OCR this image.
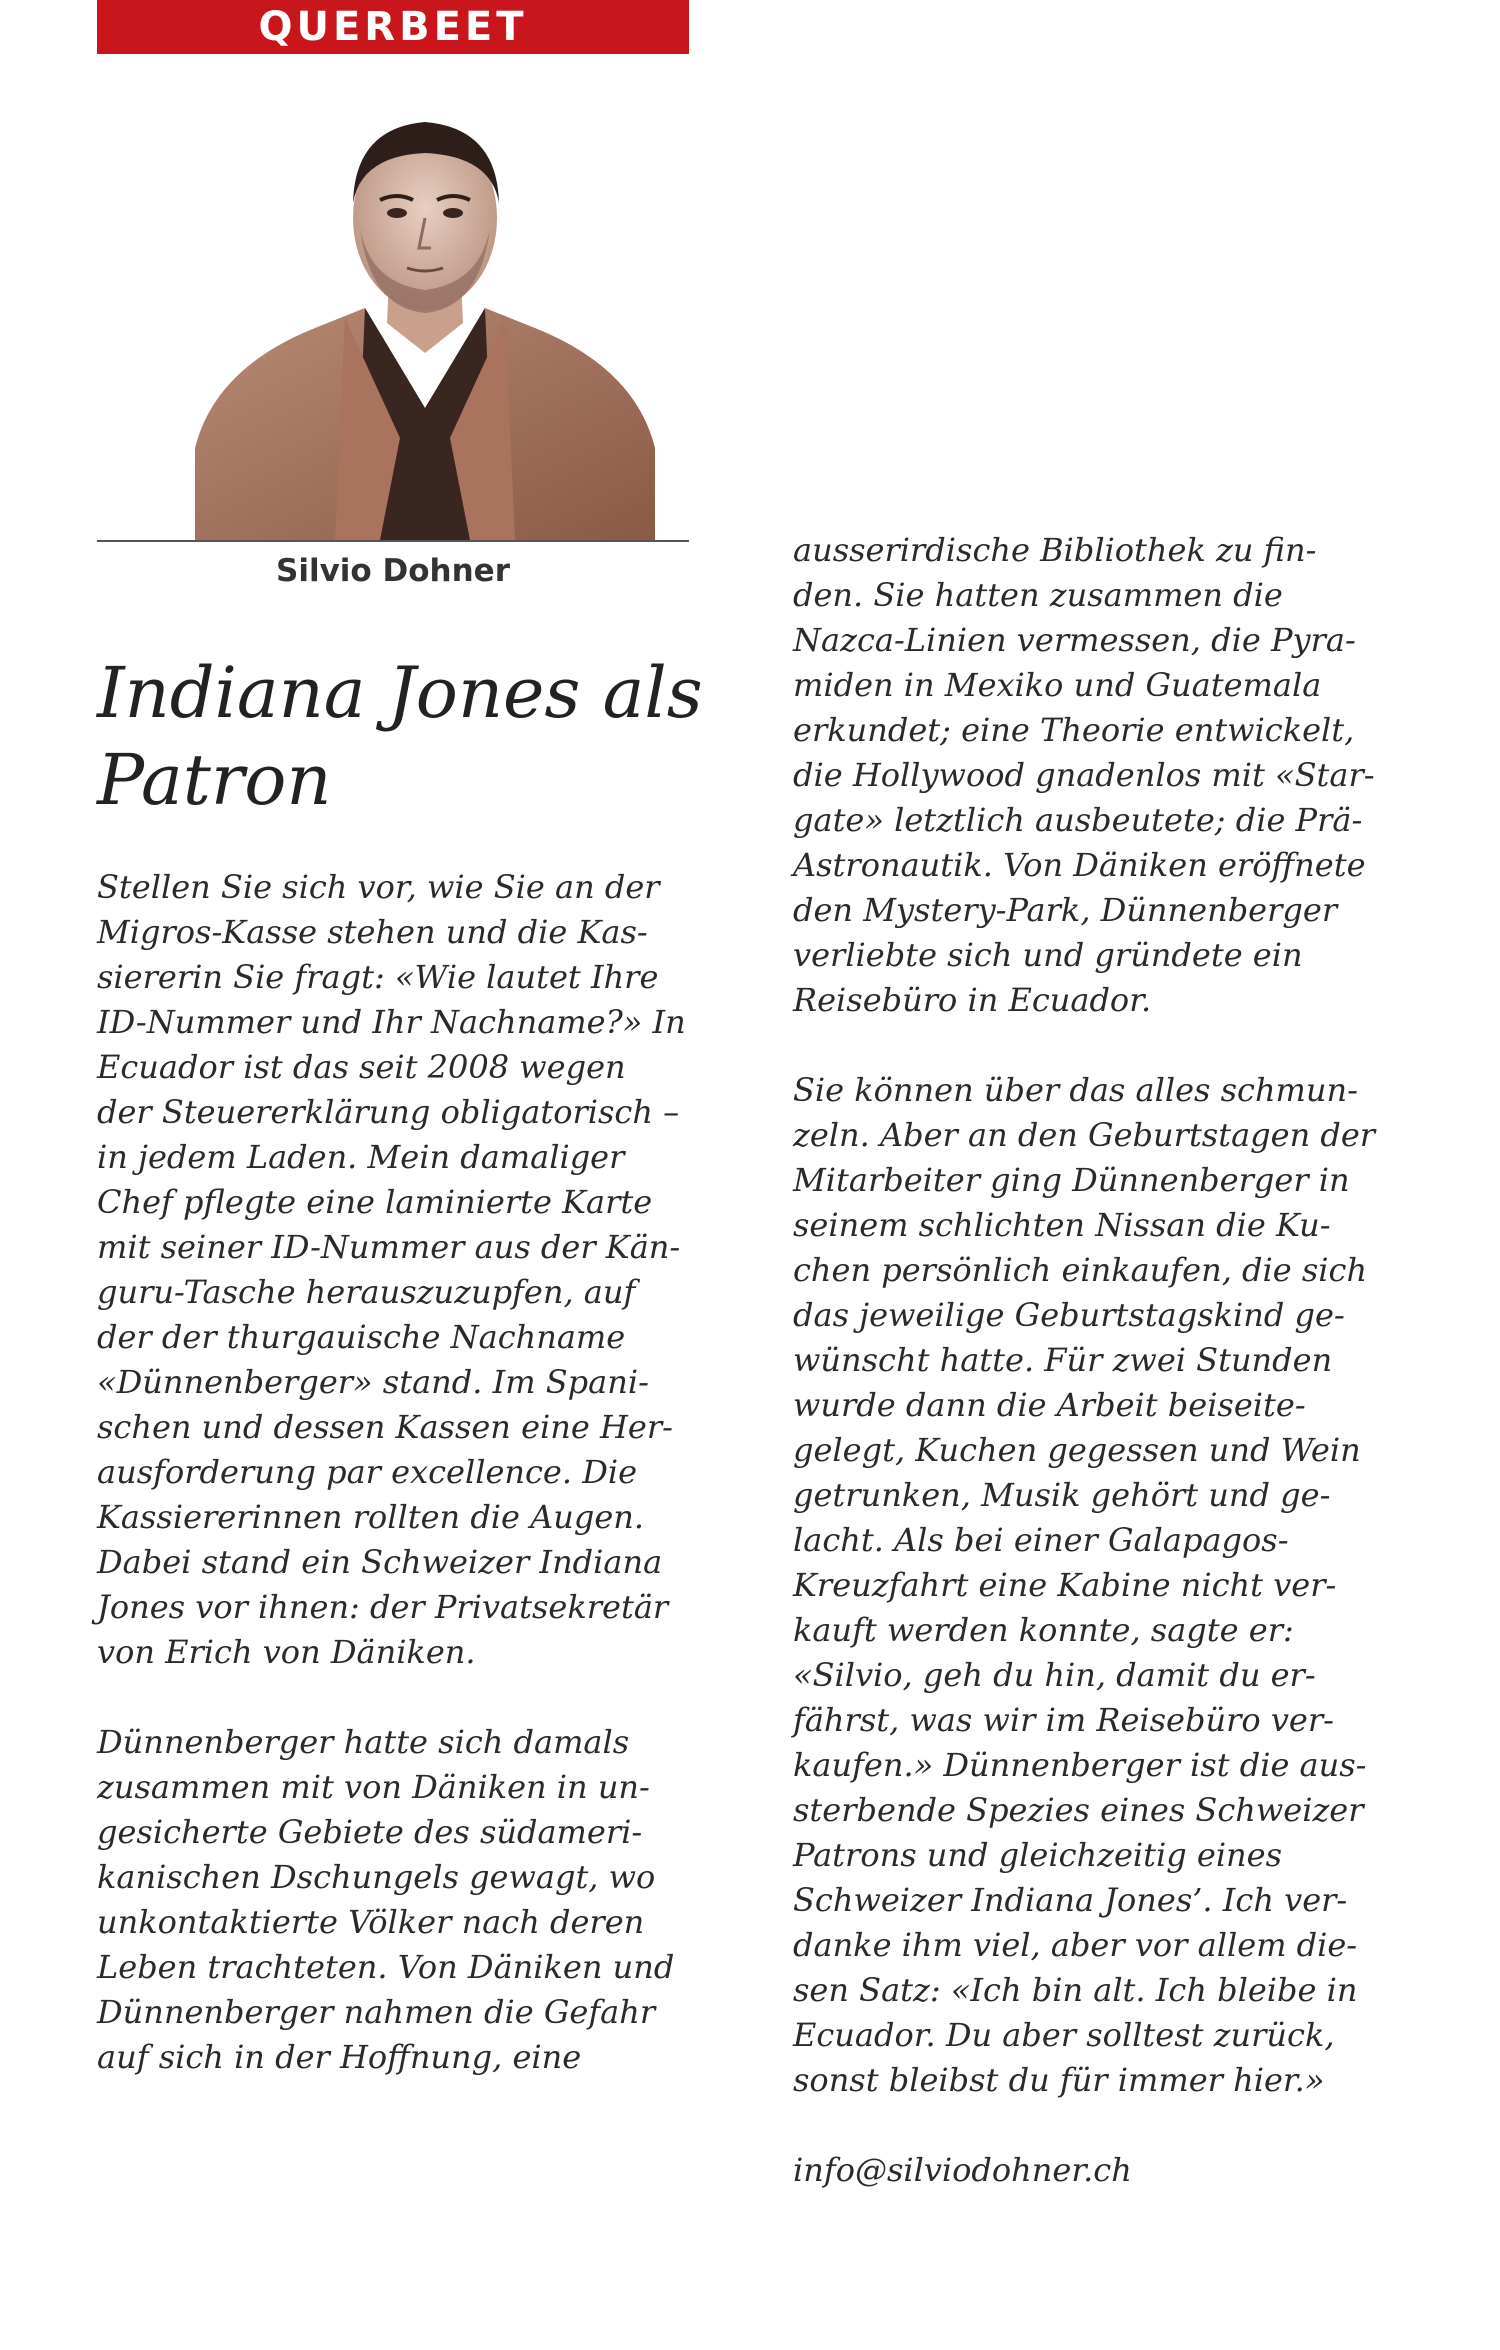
QUERBEET
Silvio Dohner
Indiana Jones als
Patron
Stellen Sie sich vor, wie Sie an der
Migros-Kasse stehen und die Kas-
siererin Sie fragt: «Wie lautet Ihre
ID-Nummer und Ihr Nachname?» In
Ecuador ist das seit 2008 wegen
der Steuererklärung obligatorisch –
in jedem Laden. Mein damaliger
Chef pflegte eine laminierte Karte
mit seiner ID-Nummer aus der Kän-
guru-Tasche herauszuzupfen, auf
der der thurgauische Nachname
«Dünnenberger» stand. Im Spani-
schen und dessen Kassen eine Her-
ausforderung par excellence. Die
Kassiererinnen rollten die Augen.
Dabei stand ein Schweizer Indiana
Jones vor ihnen: der Privatsekretär
von Erich von Däniken.
Dünnenberger hatte sich damals
zusammen mit von Däniken in un-
gesicherte Gebiete des südameri-
kanischen Dschungels gewagt, wo
unkontaktierte Völker nach deren
Leben trachteten. Von Däniken und
Dünnenberger nahmen die Gefahr
auf sich in der Hoffnung, eine
ausserirdische Bibliothek zu fin-
den. Sie hatten zusammen die
Nazca-Linien vermessen, die Pyra-
miden in Mexiko und Guatemala
erkundet; eine Theorie entwickelt,
die Hollywood gnadenlos mit «Star-
gate» letztlich ausbeutete; die Prä-
Astronautik. Von Däniken eröffnete
den Mystery-Park, Dünnenberger
verliebte sich und gründete ein
Reisebüro in Ecuador.
Sie können über das alles schmun-
zeln. Aber an den Geburtstagen der
Mitarbeiter ging Dünnenberger in
seinem schlichten Nissan die Ku-
chen persönlich einkaufen, die sich
das jeweilige Geburtstagskind ge-
wünscht hatte. Für zwei Stunden
wurde dann die Arbeit beiseite-
gelegt, Kuchen gegessen und Wein
getrunken, Musik gehört und ge-
lacht. Als bei einer Galapagos-
Kreuzfahrt eine Kabine nicht ver-
kauft werden konnte, sagte er:
«Silvio, geh du hin, damit du er-
fährst, was wir im Reisebüro ver-
kaufen.» Dünnenberger ist die aus-
sterbende Spezies eines Schweizer
Patrons und gleichzeitig eines
Schweizer Indiana Jones’. Ich ver-
danke ihm viel, aber vor allem die-
sen Satz: «Ich bin alt. Ich bleibe in
Ecuador. Du aber solltest zurück,
sonst bleibst du für immer hier.»
info@silviodohner.ch
